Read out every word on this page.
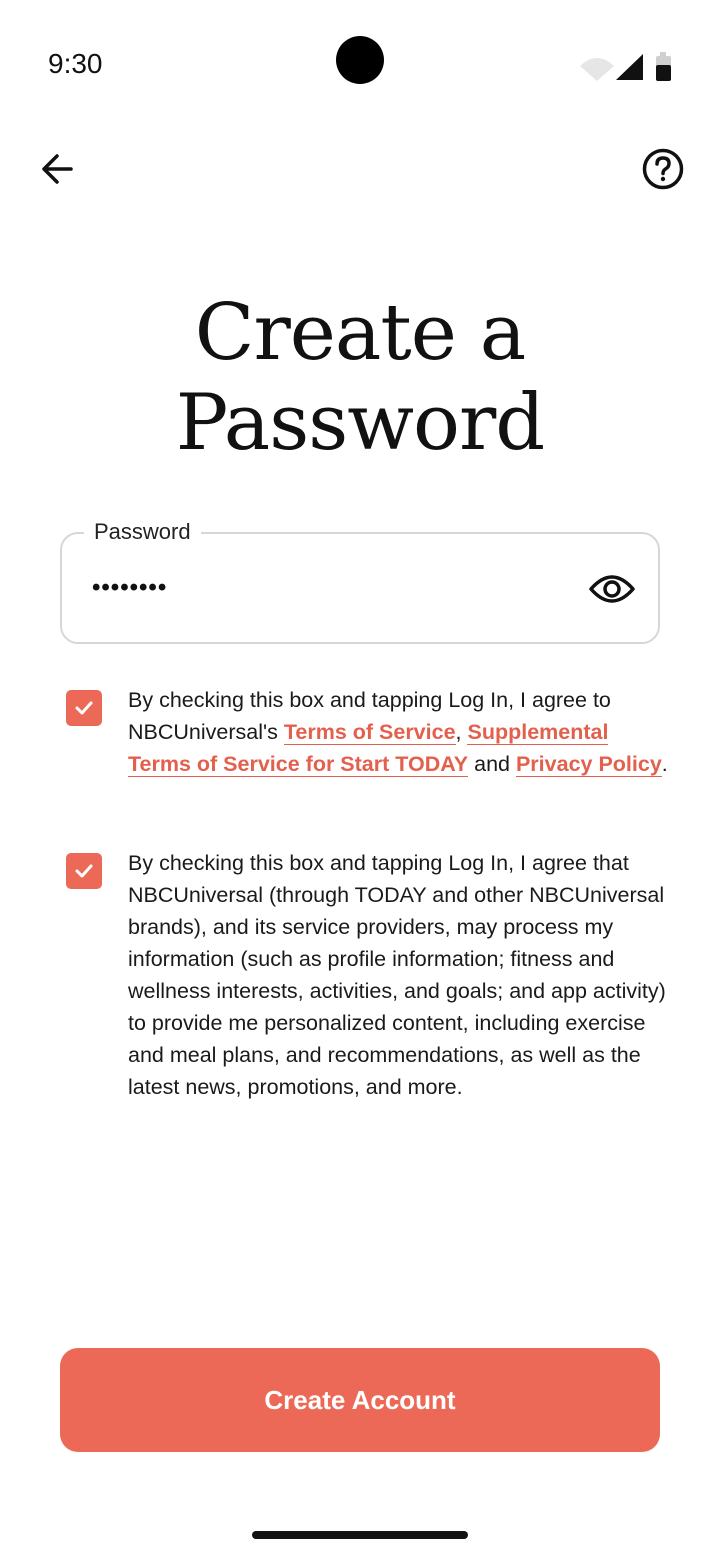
9:30
Create a
Password
Password
••••••••
By checking this box and tapping Log In, I agree to NBCUniversal's Terms of Service, Supplemental Terms of Service for Start TODAY and Privacy Policy.
By checking this box and tapping Log In, I agree that NBCUniversal (through TODAY and other NBCUniversal brands), and its service providers, may process my information (such as profile information; fitness and wellness interests, activities, and goals; and app activity) to provide me personalized content, including exercise and meal plans, and recommendations, as well as the latest news, promotions, and more.
Create Account
